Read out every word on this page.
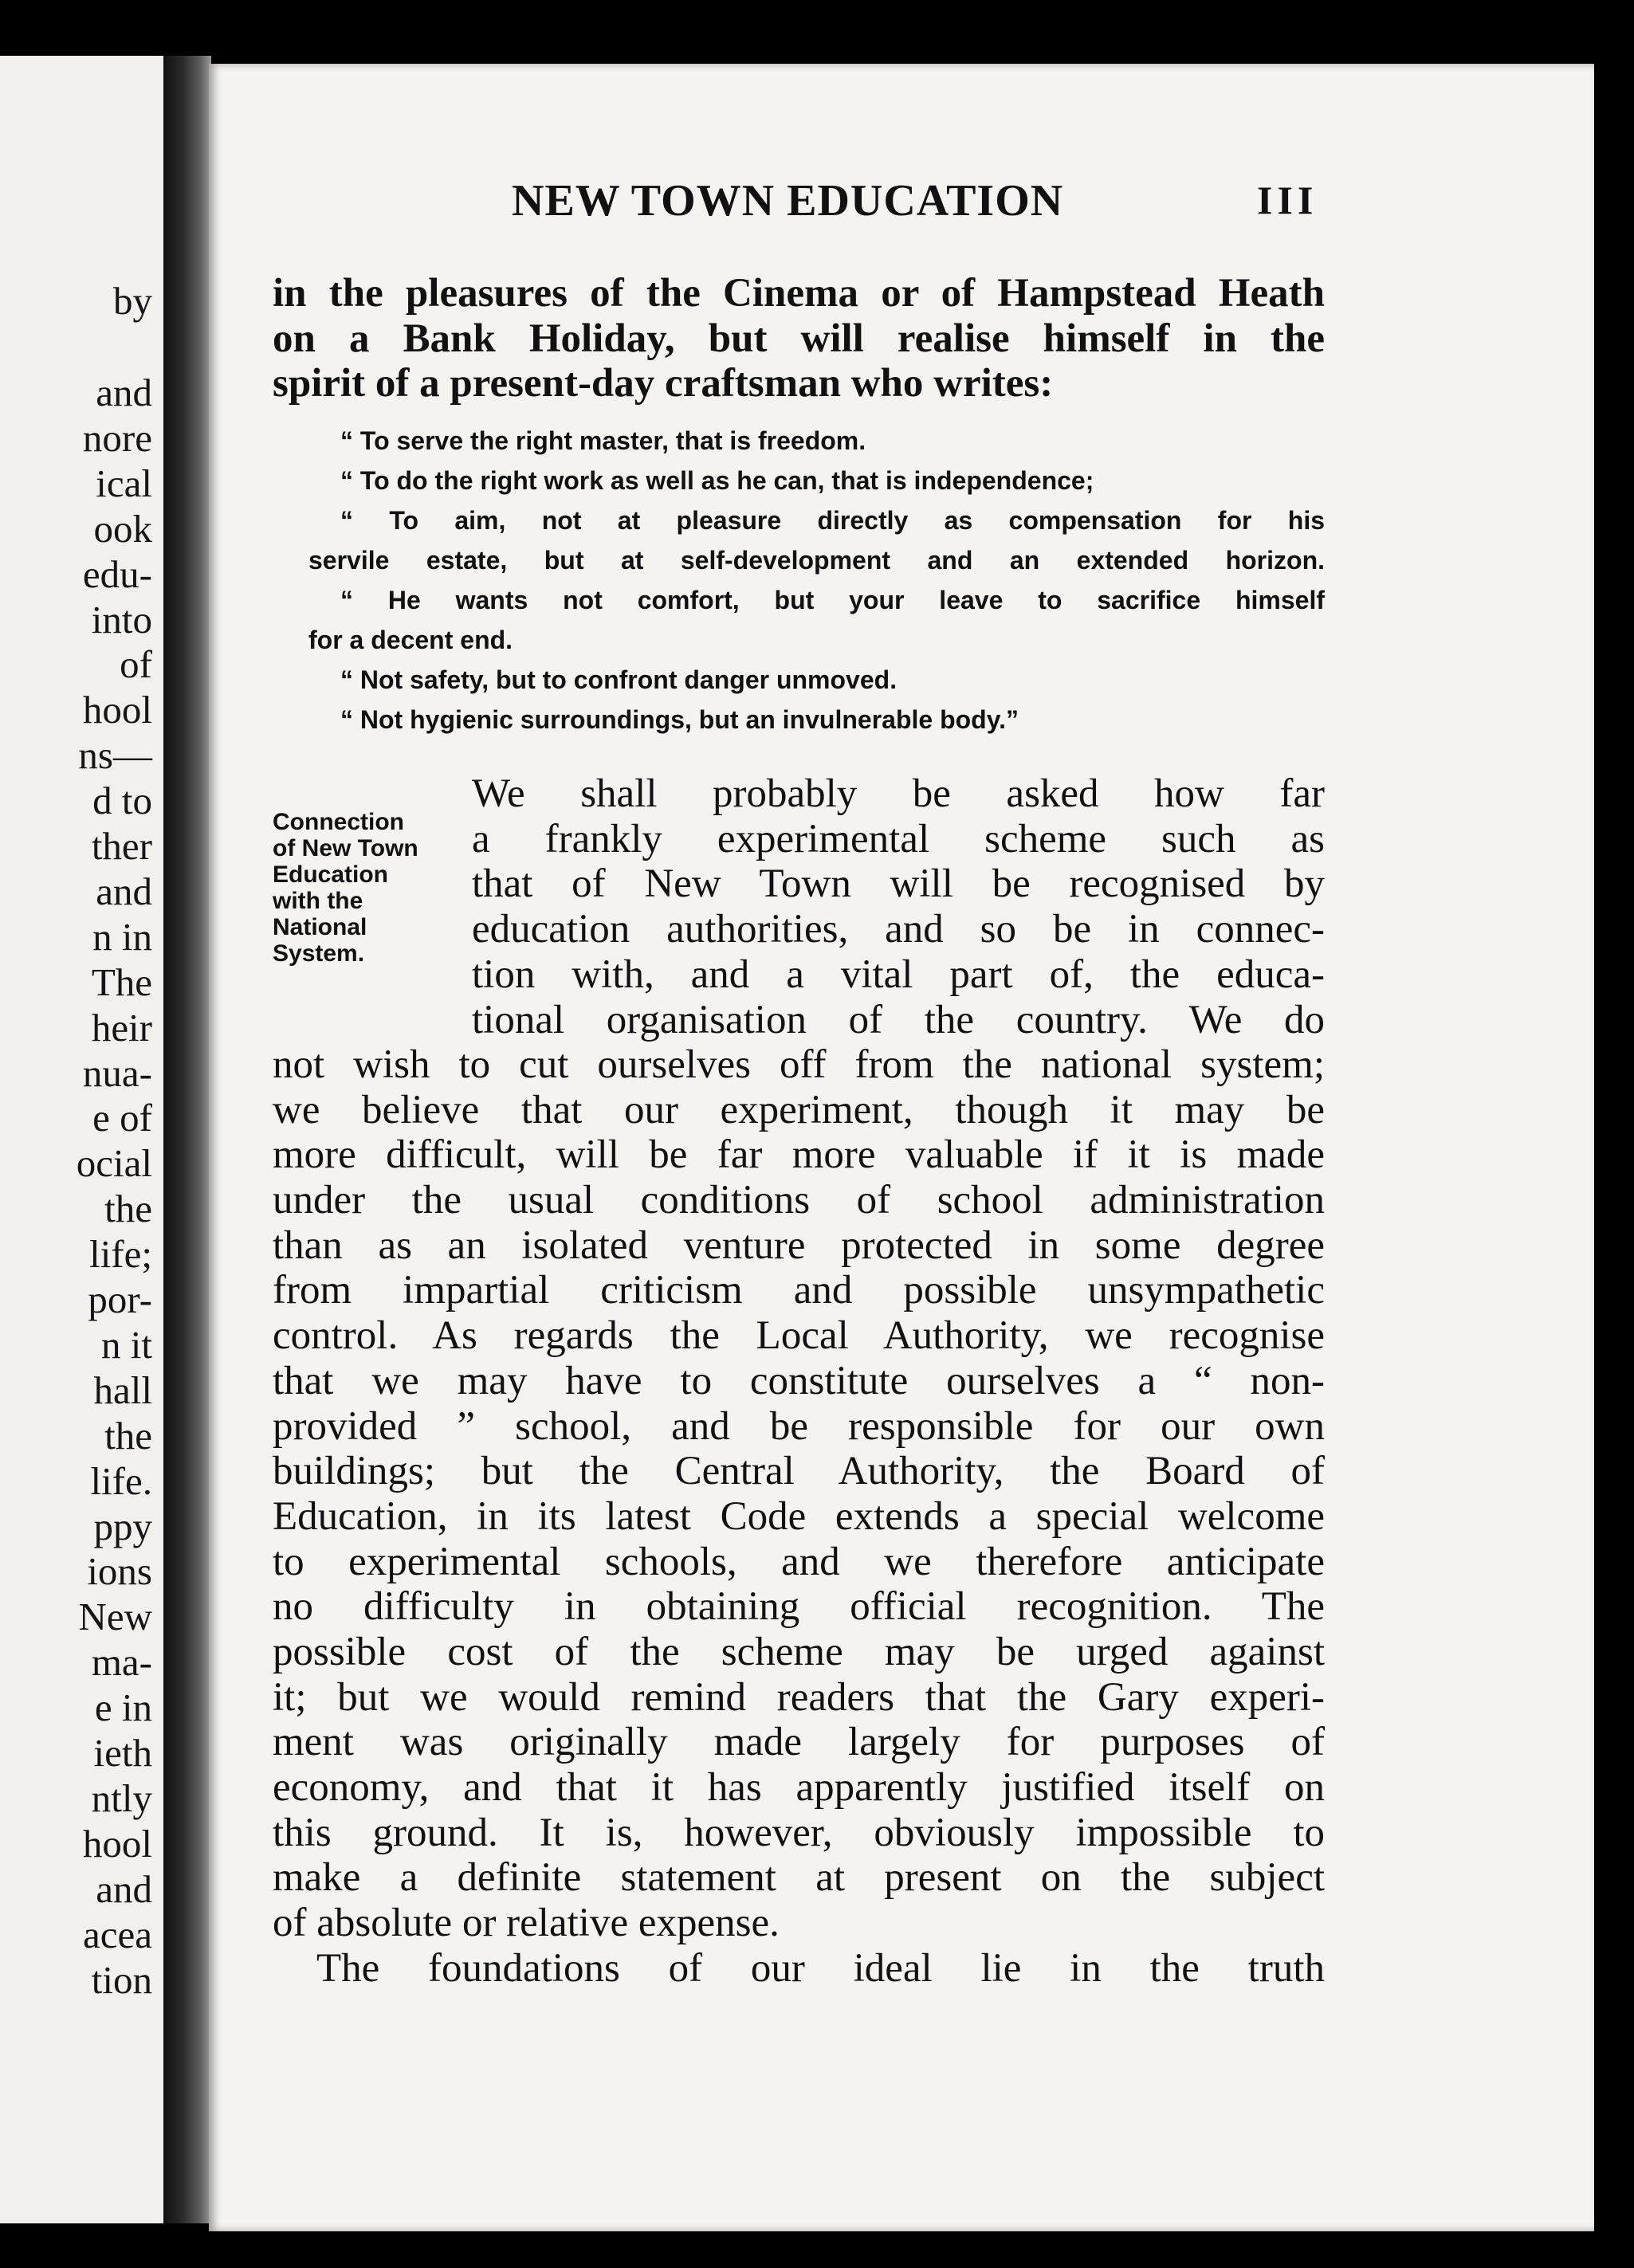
by
and
nore
ical
ook
edu-
into
of
hool
ns—
d to
ther
and
n in
The
heir
nua-
e of
ocial
the
life;
por-
n it
hall
the
life.
ppy
ions
New
ma-
e in
ieth
ntly
hool
and
acea
tion
NEW TOWN EDUCATION	III
in the pleasures of the Cinema or of Hampstead Heath
on a Bank Holiday, but will realise himself in the
spirit of a present-day craftsman who writes:
“ To serve the right master, that is freedom.
“ To do the right work as well as he can, that is independence;
“ To aim, not at pleasure directly as compensation for his
servile estate, but at self-development and an extended horizon.
“ He wants not comfort, but your leave to sacrifice himself
for a decent end.
“ Not safety, but to confront danger unmoved.
“ Not hygienic surroundings, but an invulnerable body.”
Connection
of New Town
Education
with the
National
System.
We shall probably be asked how far
a frankly experimental scheme such as
that of New Town will be recognised by
education authorities, and so be in connec-
tion with, and a vital part of, the educa-
tional organisation of the country. We do
not wish to cut ourselves off from the national system;
we believe that our experiment, though it may be
more difficult, will be far more valuable if it is made
under the usual conditions of school administration
than as an isolated venture protected in some degree
from impartial criticism and possible unsympathetic
control. As regards the Local Authority, we recognise
that we may have to constitute ourselves a “ non-
provided ” school, and be responsible for our own
buildings; but the Central Authority, the Board of
Education, in its latest Code extends a special welcome
to experimental schools, and we therefore anticipate
no difficulty in obtaining official recognition. The
possible cost of the scheme may be urged against
it; but we would remind readers that the Gary experi-
ment was originally made largely for purposes of
economy, and that it has apparently justified itself on
this ground. It is, however, obviously impossible to
make a definite statement at present on the subject
of absolute or relative expense.
The foundations of our ideal lie in the truth
